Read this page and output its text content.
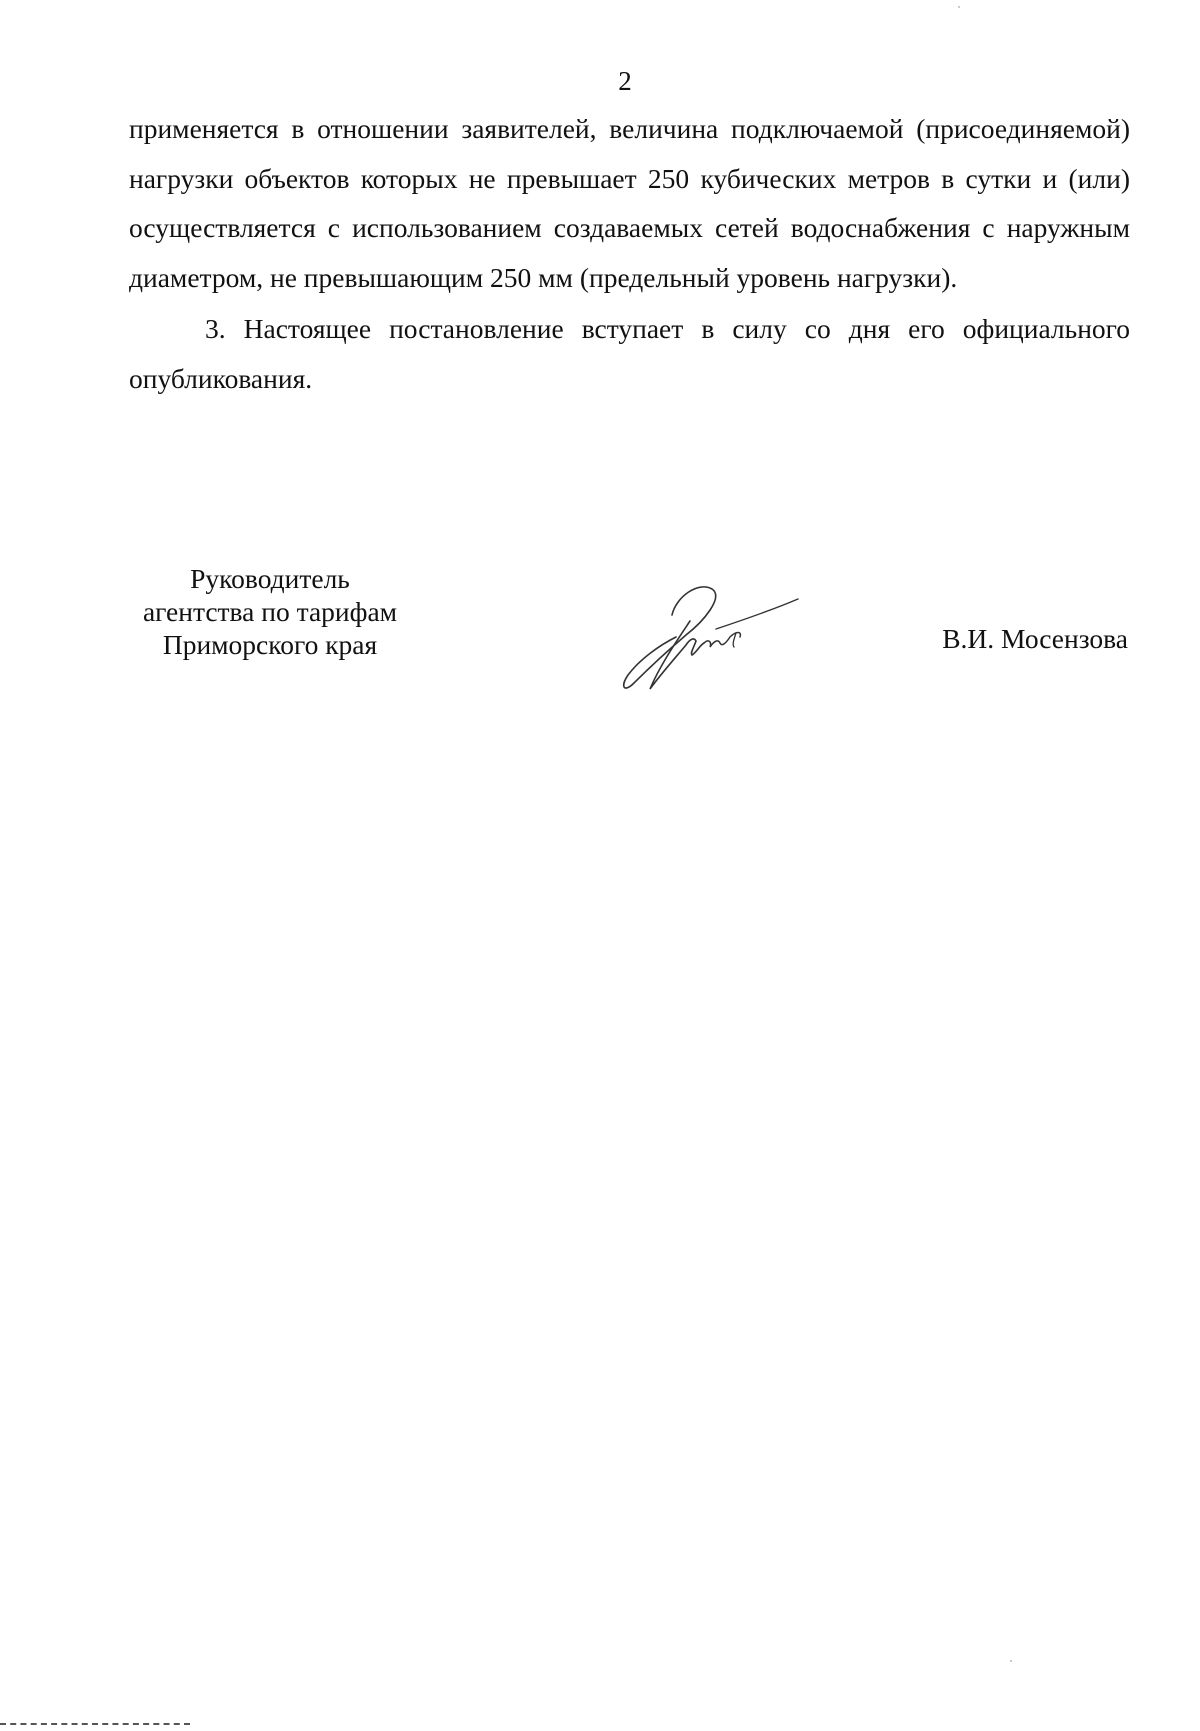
2

применяется в отношении заявителей, величина подключаемой (присоединяемой) нагрузки объектов которых не превышает 250 кубических метров в сутки и (или) осуществляется с использованием создаваемых сетей водоснабжения с наружным диаметром, не превышающим 250 мм (предельный уровень нагрузки).

3. Настоящее постановление вступает в силу со дня его официального опубликования.

Руководитель
агентства по тарифам
Приморского края	В.И. Мосензова
